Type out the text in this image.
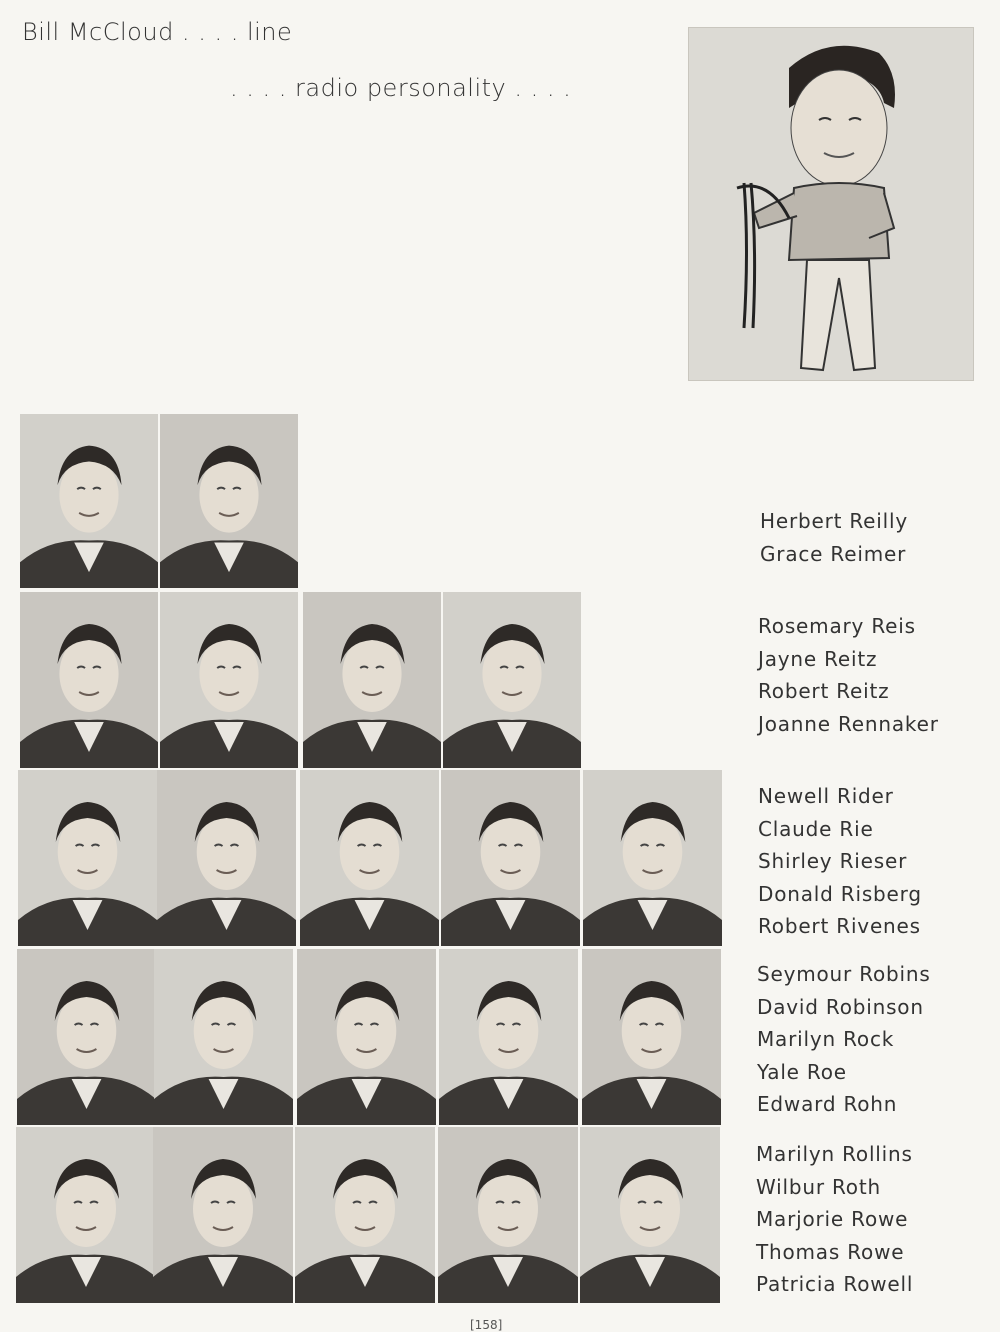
Bill McCloud . . . . line
. . . . radio personality . . . .
Herbert Reilly
Grace Reimer
Rosemary Reis
Jayne Reitz
Robert Reitz
Joanne Rennaker
Newell Rider
Claude Rie
Shirley Rieser
Donald Risberg
Robert Rivenes
Seymour Robins
David Robinson
Marilyn Rock
Yale Roe
Edward Rohn
Marilyn Rollins
Wilbur Roth
Marjorie Rowe
Thomas Rowe
Patricia Rowell
[158]
